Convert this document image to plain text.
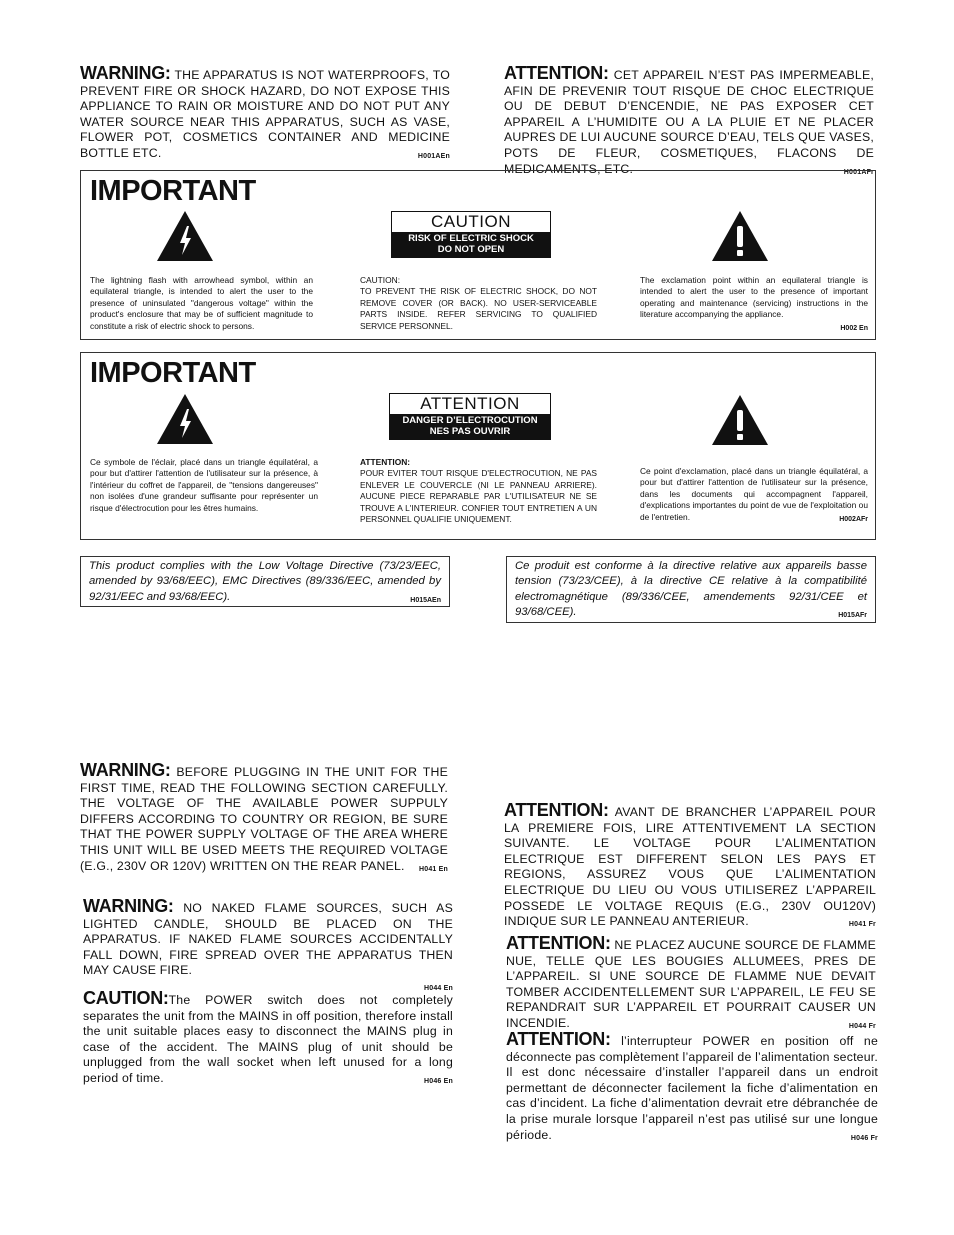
WARNING: THE APPARATUS IS NOT WATERPROOFS, TO PREVENT FIRE OR SHOCK HAZARD, DO NOT EXPOSE THIS APPLIANCE TO RAIN OR MOISTURE AND DO NOT PUT ANY WATER SOURCE NEAR THIS APPARATUS, SUCH AS VASE, FLOWER POT, COSMETICS CONTAINER AND MEDICINE BOTTLE ETC.	H001AEn
ATTENTION: CET APPAREIL N’EST PAS IMPERMEABLE, AFIN DE PREVENIR TOUT RISQUE DE CHOC ELECTRIQUE OU DE DEBUT D’ENCENDIE, NE PAS EXPOSER CET APPAREIL A L’HUMIDITE OU A LA PLUIE ET NE PLACER AUPRES DE LUI AUCUNE SOURCE D’EAU, TELS QUE VASES, POTS DE FLEUR, COSMETIQUES, FLACONS DE MEDICAMENTS, ETC.	H001AFr
IMPORTANT
CAUTION
RISK OF ELECTRIC SHOCK
DO NOT OPEN
The lightning flash with arrowhead symbol, within an equilateral triangle, is intended to alert the user to the presence of uninsulated "dangerous voltage" within the product's enclosure that may be of sufficient magnitude to constitute a risk of electric shock to persons.
CAUTION:
TO PREVENT THE RISK OF ELECTRIC SHOCK, DO NOT REMOVE COVER (OR BACK). NO USER-SERVICEABLE PARTS INSIDE. REFER SERVICING TO QUALIFIED SERVICE PERSONNEL.
The exclamation point within an equilateral triangle is intended to alert the user to the presence of important operating and maintenance (servicing) instructions in the literature accompanying the appliance.
H002 En
IMPORTANT
ATTENTION
DANGER D’ELECTROCUTION
NES PAS OUVRIR
Ce symbole de l'éclair, placé dans un triangle équilatéral, a pour but d'attirer l'attention de l'utilisateur sur la présence, à l'intérieur du coffret de l'appareil, de "tensions dangereuses" non isolées d'une grandeur suffisante pour représenter un risque d'électrocution pour les êtres humains.
ATTENTION:
POUR EVITER TOUT RISQUE D'ELECTROCUTION, NE PAS ENLEVER LE COUVERCLE (NI LE PANNEAU ARRIERE). AUCUNE PIECE REPARABLE PAR L'UTILISATEUR NE SE TROUVE A L'INTERIEUR. CONFIER TOUT ENTRETIEN A UN PERSONNEL QUALIFIE UNIQUEMENT.
Ce point d'exclamation, placé dans un triangle équilatéral, a pour but d'attirer l'attention de l'utilisateur sur la présence, dans les documents qui accompagnent l'appareil, d'explications importantes du point de vue de l'exploitation ou de l'entretien.	H002AFr
This product complies with the Low Voltage Directive (73/23/EEC, amended by 93/68/EEC), EMC Directives (89/336/EEC, amended by 92/31/EEC and 93/68/EEC).	H015AEn
Ce produit est conforme à la directive relative aux appareils basse tension (73/23/CEE), à la directive CE relative à la compatibilité electromagnétique (89/336/CEE, amendements 92/31/CEE et 93/68/CEE).	H015AFr
WARNING: BEFORE PLUGGING IN THE UNIT FOR THE FIRST TIME, READ THE FOLLOWING SECTION CAREFULLY. THE VOLTAGE OF THE AVAILABLE POWER SUPPULY DIFFERS ACCORDING TO COUNTRY OR REGION, BE SURE THAT THE POWER SUPPLY VOLTAGE OF THE AREA WHERE THIS UNIT WILL BE USED MEETS THE REQUIRED VOLTAGE (E.G., 230V OR 120V) WRITTEN ON THE REAR PANEL. H041 En
WARNING: NO NAKED FLAME SOURCES, SUCH AS LIGHTED CANDLE, SHOULD BE PLACED ON THE APPARATUS. IF NAKED FLAME SOURCES ACCIDENTALLY FALL DOWN, FIRE SPREAD OVER THE APPARATUS THEN MAY CAUSE FIRE.
H044 En
CAUTION:The POWER switch does not completely separates the unit from the MAINS in off position, therefore install the unit suitable places easy to disconnect the MAINS plug in case of the accident. The MAINS plug of unit should be unplugged from the wall socket when left unused for a long period of time.	H046 En
ATTENTION: AVANT DE BRANCHER L’APPAREIL POUR LA PREMIERE FOIS, LIRE ATTENTIVEMENT LA SECTION SUIVANTE. LE VOLTAGE POUR L’ALIMENTATION ELECTRIQUE EST DIFFERENT SELON LES PAYS ET REGIONS, ASSUREZ VOUS QUE L’ALIMENTATION ELECTRIQUE DU LIEU OU VOUS UTILISEREZ L’APPAREIL POSSEDE LE VOLTAGE REQUIS (E.G., 230V OU120V) INDIQUE SUR LE PANNEAU ANTERIEUR.	H041 Fr
ATTENTION: NE PLACEZ AUCUNE SOURCE DE FLAMME NUE, TELLE QUE LES BOUGIES ALLUMEES, PRES DE L’APPAREIL. SI UNE SOURCE DE FLAMME NUE DEVAIT TOMBER ACCIDENTELLEMENT SUR L’APPAREIL, LE FEU SE REPANDRAIT SUR L’APPAREIL ET POURRAIT CAUSER UN INCENDIE.	H044 Fr
ATTENTION: l’interrupteur POWER en position off ne déconnecte pas complètement l’appareil de l’alimentation secteur. Il est donc nécessaire d’installer l’appareil dans un endroit permettant de déconnecter facilement la fiche d’alimentation en cas d’incident. La fiche d’alimentation devrait etre débranchée de la prise murale lorsque l’appareil n’est pas utilisé sur une longue période.	H046 Fr
